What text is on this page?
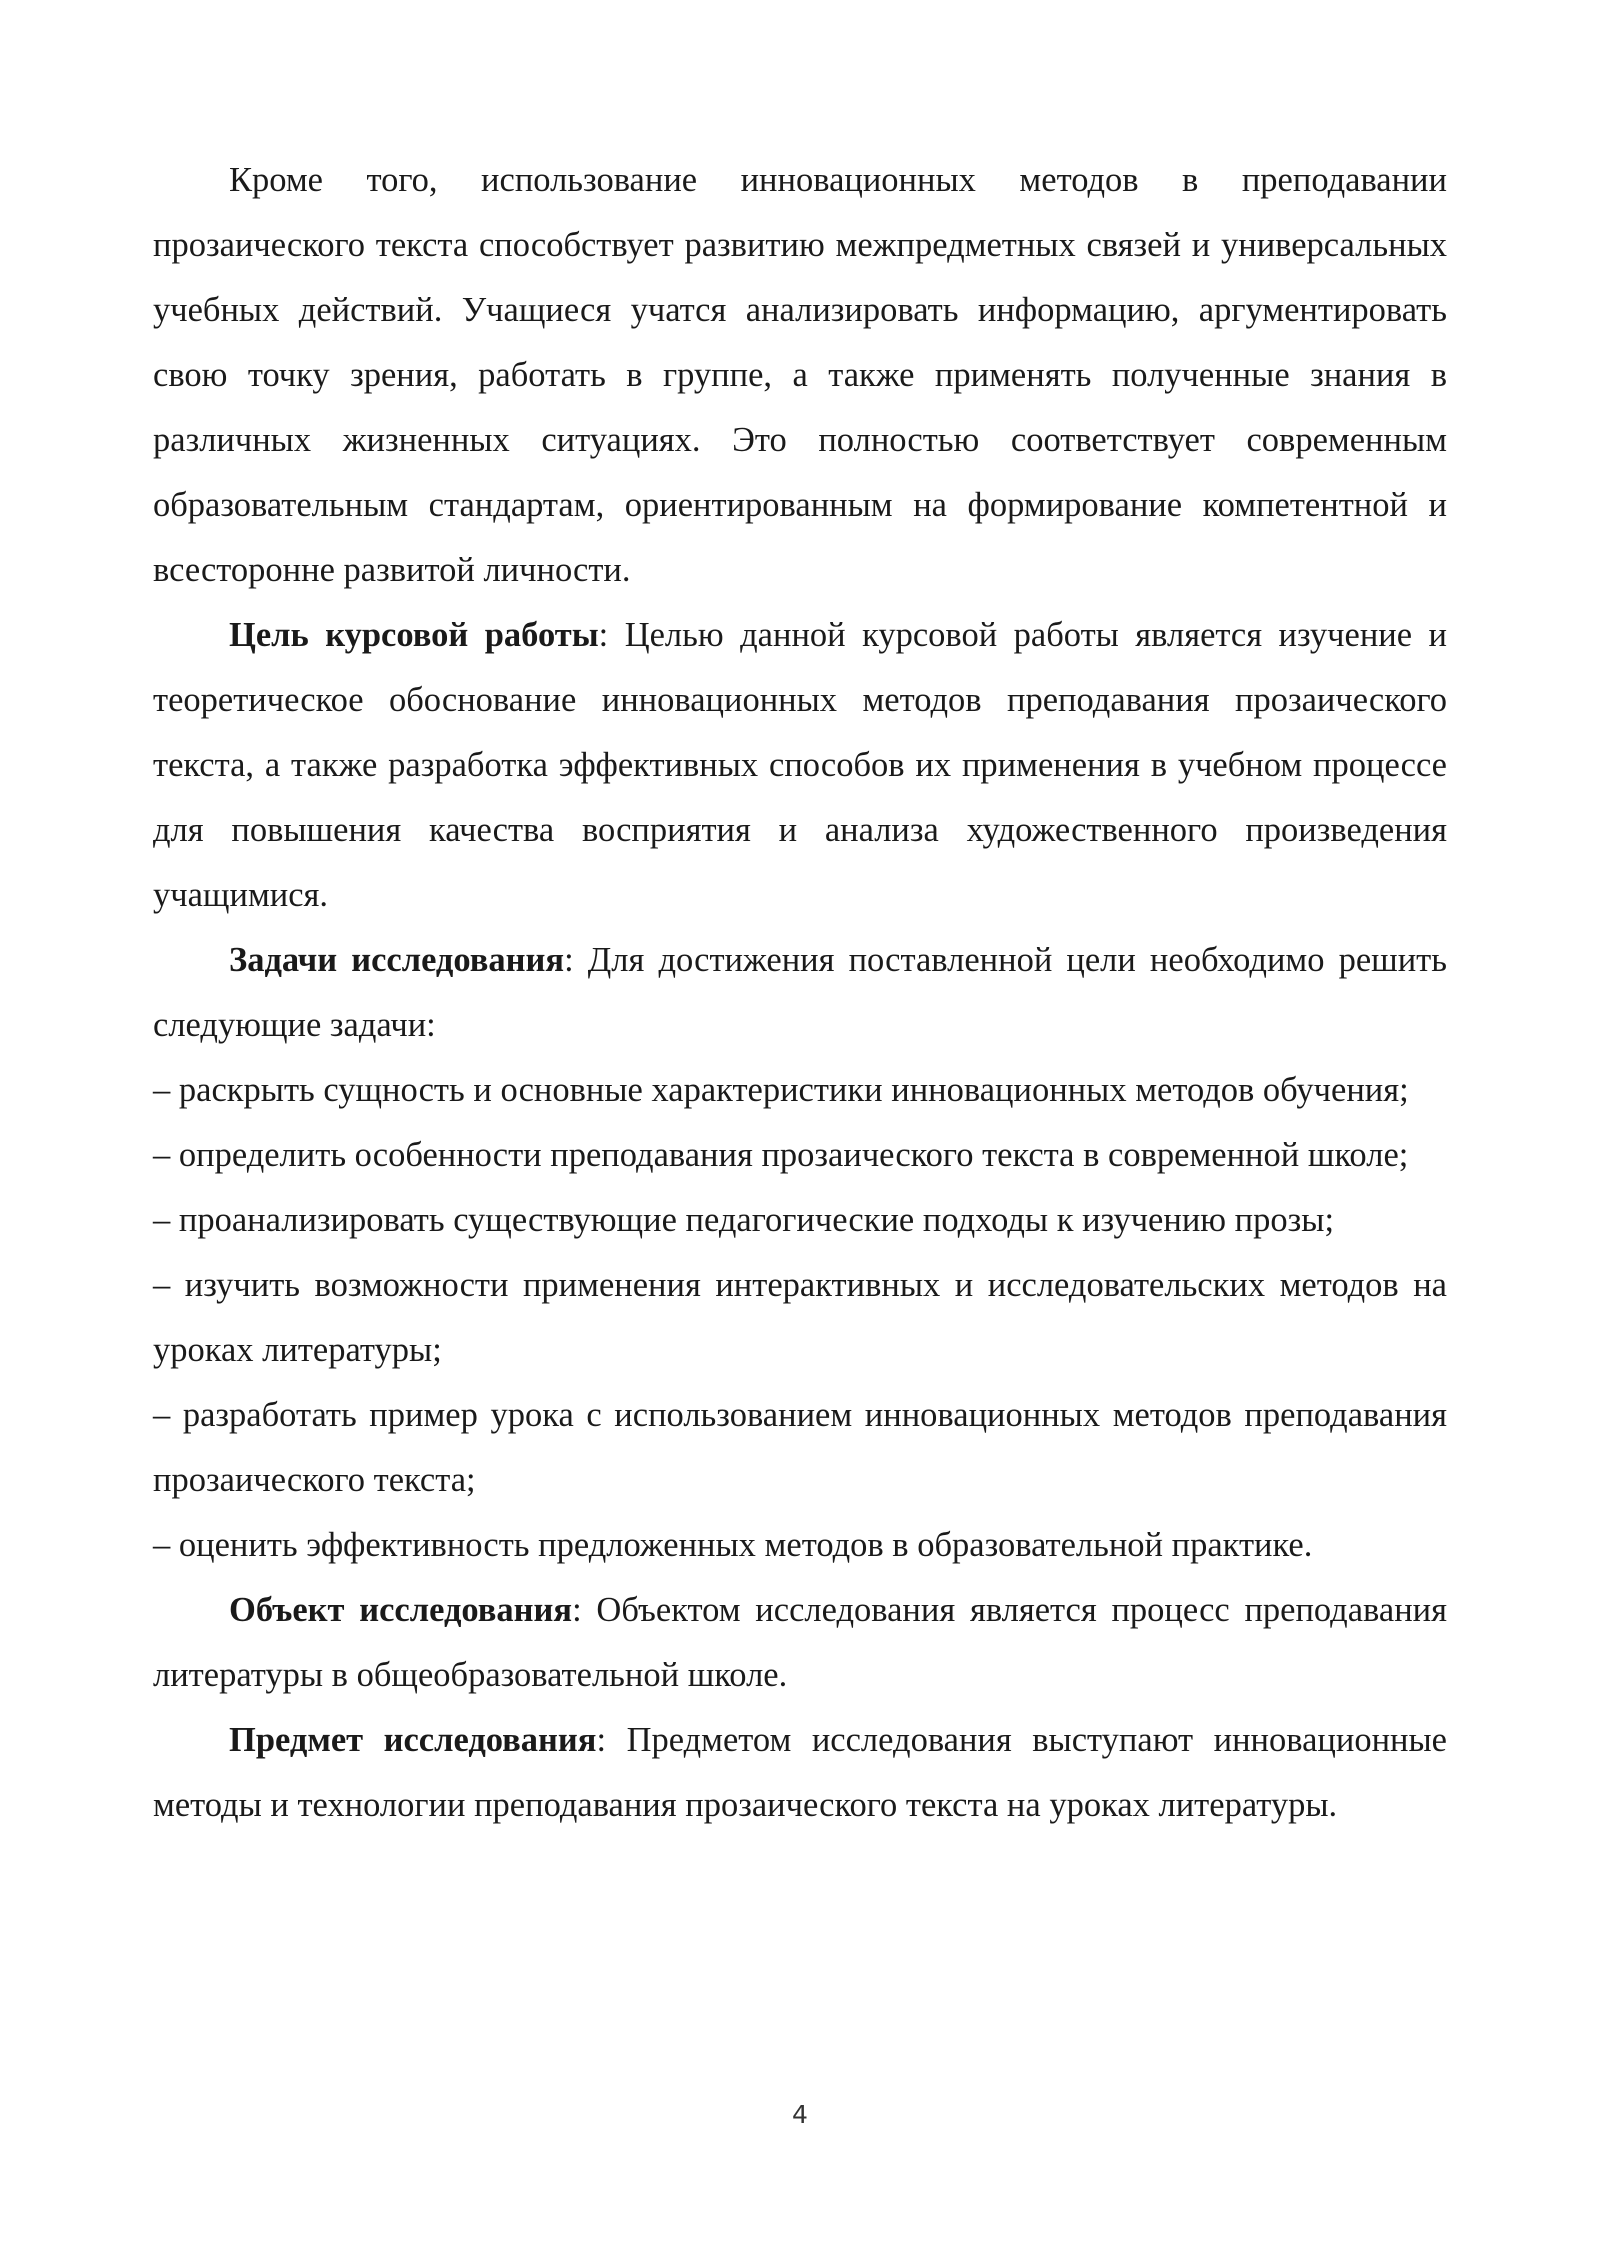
Кроме того, использование инновационных методов в преподавании прозаического текста способствует развитию межпредметных связей и универсальных учебных действий. Учащиеся учатся анализировать информацию, аргументировать свою точку зрения, работать в группе, а также применять полученные знания в различных жизненных ситуациях. Это полностью соответствует современным образовательным стандартам, ориентированным на формирование компетентной и всесторонне развитой личности.

Цель курсовой работы: Целью данной курсовой работы является изучение и теоретическое обоснование инновационных методов преподавания прозаического текста, а также разработка эффективных способов их применения в учебном процессе для повышения качества восприятия и анализа художественного произведения учащимися.

Задачи исследования: Для достижения поставленной цели необходимо решить следующие задачи:

– раскрыть сущность и основные характеристики инновационных методов обучения;

– определить особенности преподавания прозаического текста в современной школе;

– проанализировать существующие педагогические подходы к изучению прозы;

– изучить возможности применения интерактивных и исследовательских методов на уроках литературы;

– разработать пример урока с использованием инновационных методов преподавания прозаического текста;

– оценить эффективность предложенных методов в образовательной практике.

Объект исследования: Объектом исследования является процесс преподавания литературы в общеобразовательной школе.

Предмет исследования: Предметом исследования выступают инновационные методы и технологии преподавания прозаического текста на уроках литературы.

4
